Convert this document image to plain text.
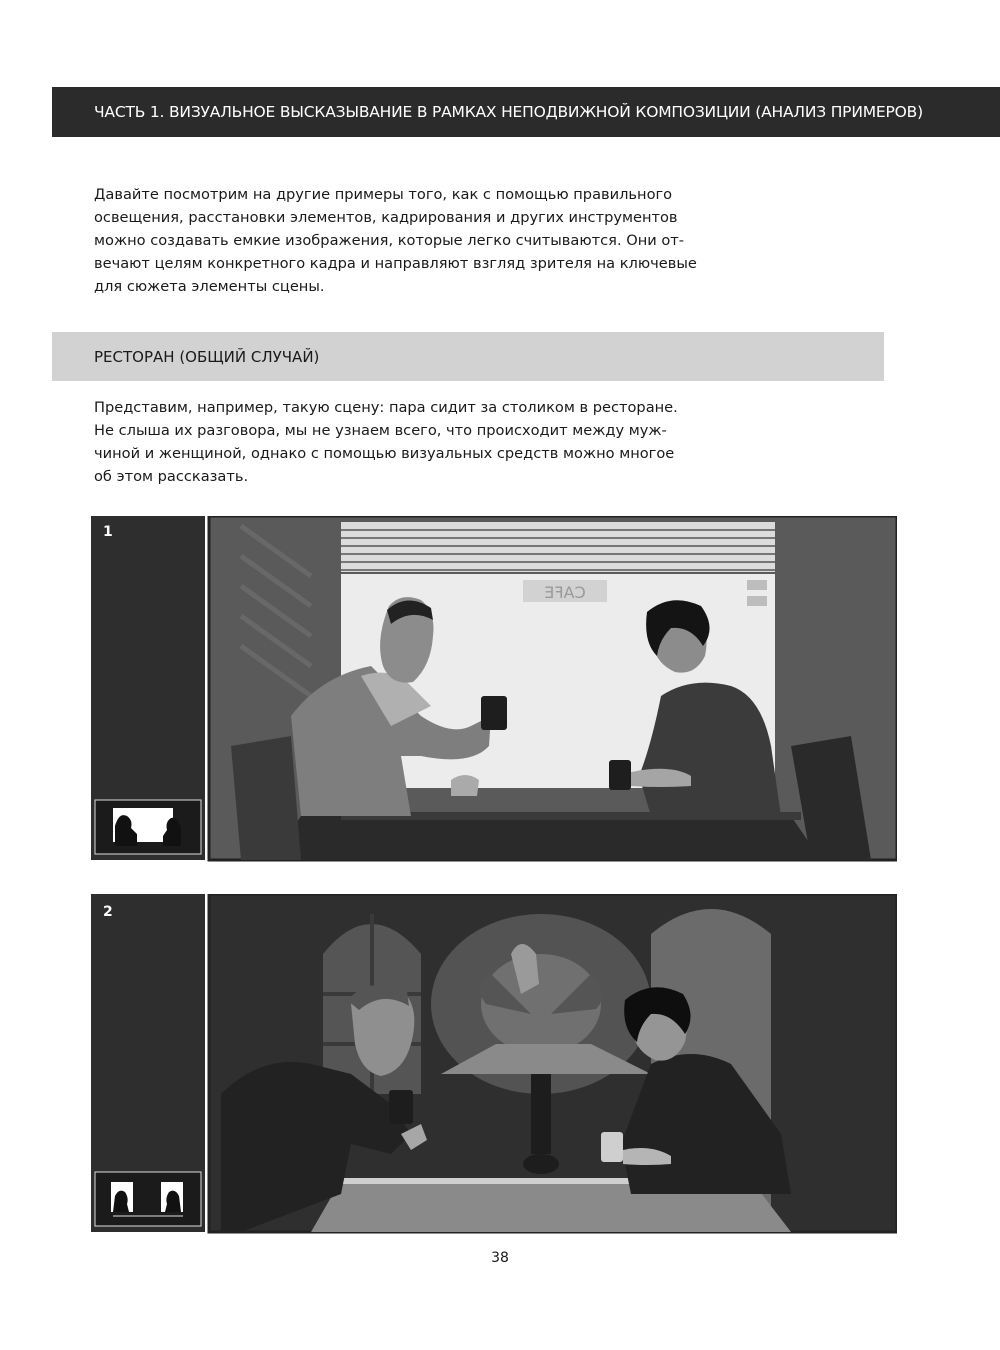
ЧАСТЬ 1. ВИЗУАЛЬНОЕ ВЫСКАЗЫВАНИЕ В РАМКАХ НЕПОДВИЖНОЙ КОМПОЗИЦИИ (АНАЛИЗ ПРИМЕРОВ)

Давайте посмотрим на другие примеры того, как с помощью правильного
освещения, расстановки элементов, кадрирования и других инструментов
можно создавать емкие изображения, которые легко считываются. Они от-
вечают целям конкретного кадра и направляют взгляд зрителя на ключевые
для сюжета элементы сцены.

РЕСТОРАН (ОБЩИЙ СЛУЧАЙ)

Представим, например, такую сцену: пара сидит за столиком в ресторане.
Не слыша их разговора, мы не узнаем всего, что происходит между муж-
чиной и женщиной, однако с помощью визуальных средств можно многое
об этом рассказать.

1
CAFE
2
38
